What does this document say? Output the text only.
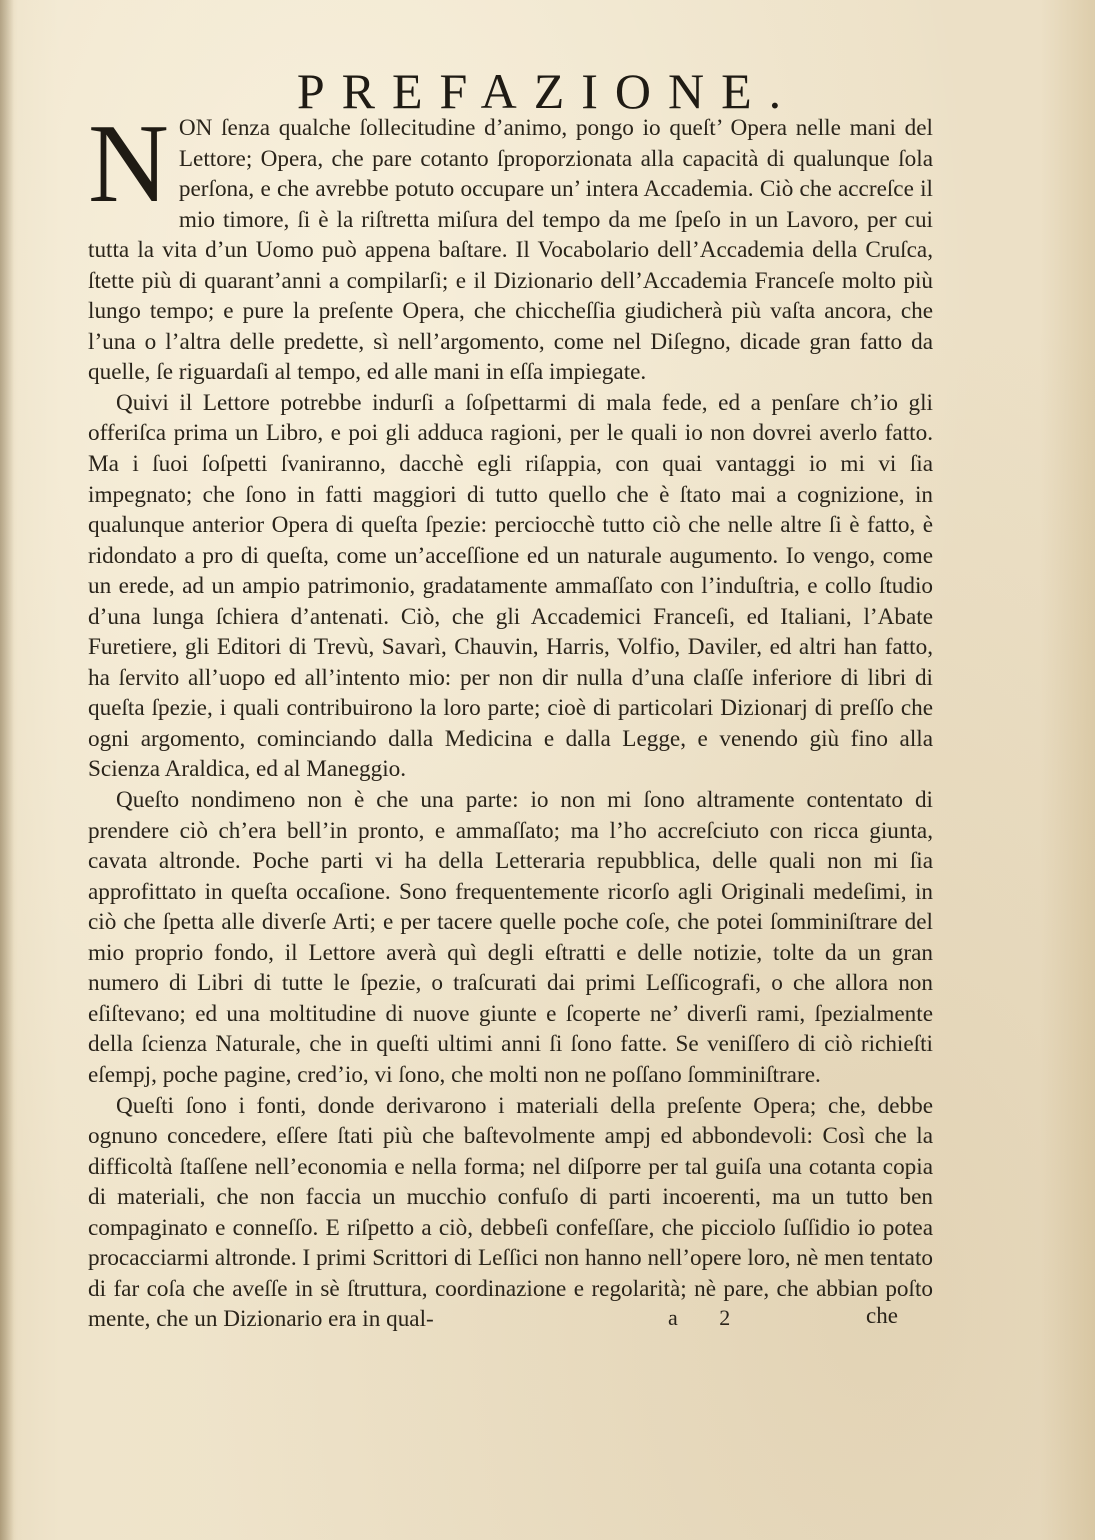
PREFAZIONE.

NON ſenza qualche ſollecitudine d’animo, pongo io queſt’ Opera nelle mani del Lettore; Opera, che pare cotanto ſproporzionata alla capacità di qualunque ſola perſona, e che avrebbe potuto occupare un’ intera Accademia. Ciò che accreſce il mio timore, ſi è la riſtretta miſura del tempo da me ſpeſo in un Lavoro, per cui tutta la vita d’un Uomo può appena baſtare. Il Vocabolario dell’Accademia della Cruſca, ſtette più di quarant’anni a compilarſi; e il Dizionario dell’Accademia Franceſe molto più lungo tempo; e pure la preſente Opera, che chiccheſſia giudicherà più vaſta ancora, che l’una o l’altra delle predette, sì nell’argomento, come nel Diſegno, dicade gran fatto da quelle, ſe riguardaſi al tempo, ed alle mani in eſſa impiegate.

Quivi il Lettore potrebbe indurſi a ſoſpettarmi di mala fede, ed a penſare ch’io gli offeriſca prima un Libro, e poi gli adduca ragioni, per le quali io non dovrei averlo fatto. Ma i ſuoi ſoſpetti ſvaniranno, dacchè egli riſappia, con quai vantaggi io mi vi ſia impegnato; che ſono in fatti maggiori di tutto quello che è ſtato mai a cognizione, in qualunque anterior Opera di queſta ſpezie: perciocchè tutto ciò che nelle altre ſi è fatto, è ridondato a pro di queſta, come un’acceſſione ed un naturale augumento. Io vengo, come un erede, ad un ampio patrimonio, gradatamente ammaſſato con l’induſtria, e collo ſtudio d’una lunga ſchiera d’antenati. Ciò, che gli Accademici Franceſi, ed Italiani, l’Abate Furetiere, gli Editori di Trevù, Savarì, Chauvin, Harris, Volfio, Daviler, ed altri han fatto, ha ſervito all’uopo ed all’intento mio: per non dir nulla d’una claſſe inferiore di libri di queſta ſpezie, i quali contribuirono la loro parte; cioè di particolari Dizionarj di preſſo che ogni argomento, cominciando dalla Medicina e dalla Legge, e venendo giù fino alla Scienza Araldica, ed al Maneggio.

Queſto nondimeno non è che una parte: io non mi ſono altramente contentato di prendere ciò ch’era bell’in pronto, e ammaſſato; ma l’ho accreſciuto con ricca giunta, cavata altronde. Poche parti vi ha della Letteraria repubblica, delle quali non mi ſia approfittato in queſta occaſione. Sono frequentemente ricorſo agli Originali medeſimi, in ciò che ſpetta alle diverſe Arti; e per tacere quelle poche coſe, che potei ſomminiſtrare del mio proprio fondo, il Lettore averà quì degli eſtratti e delle notizie, tolte da un gran numero di Libri di tutte le ſpezie, o traſcurati dai primi Leſſicografi, o che allora non eſiſtevano; ed una moltitudine di nuove giunte e ſcoperte ne’ diverſi rami, ſpezialmente della ſcienza Naturale, che in queſti ultimi anni ſi ſono fatte. Se veniſſero di ciò richieſti eſempj, poche pagine, cred’io, vi ſono, che molti non ne poſſano ſomminiſtrare.

Queſti ſono i fonti, donde derivarono i materiali della preſente Opera; che, debbe ognuno concedere, eſſere ſtati più che baſtevolmente ampj ed abbondevoli: Così che la difficoltà ſtaſſene nell’economia e nella forma; nel diſporre per tal guiſa una cotanta copia di materiali, che non faccia un mucchio confuſo di parti incoerenti, ma un tutto ben compaginato e conneſſo. E riſpetto a ciò, debbeſi confeſſare, che picciolo ſuſſidio io potea procacciarmi altronde. I primi Scrittori di Leſſici non hanno nell’opere loro, nè men tentato di far coſa che aveſſe in sè ſtruttura, coordinazione e regolarità; nè pare, che abbian poſto mente, che un Dizionario era in qual-	a 2	che
